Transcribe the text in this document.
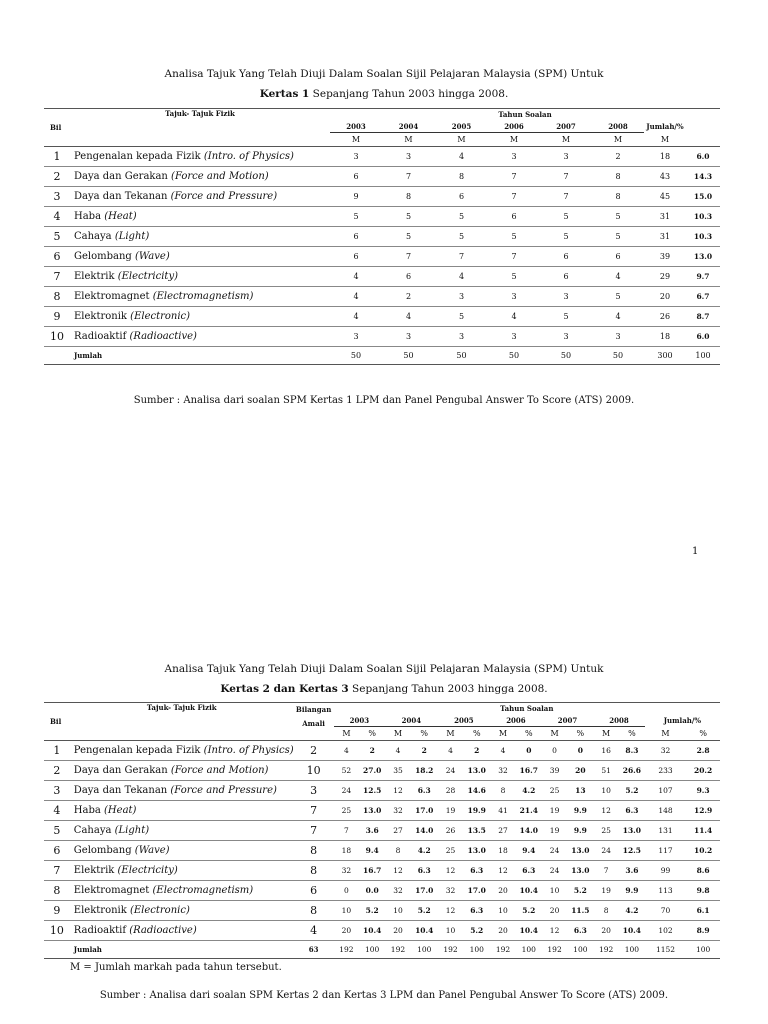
Analisa Tajuk Yang Telah Diuji Dalam Soalan Sijil Pelajaran Malaysia (SPM) Untuk
Kertas 1 Sepanjang Tahun 2003 hingga 2008.
Bil	Tajuk- Tajuk Fizik	Tahun Soalan							
		2003	2004	2005	2006	2007	2008	Jumlah/%	
		M	M	M	M	M	M	M	
1	Pengenalan kepada Fizik (Intro. of Physics)	3	3	4	3	3	2	18	6.0
2	Daya dan Gerakan (Force and Motion)	6	7	8	7	7	8	43	14.3
3	Daya dan Tekanan (Force and Pressure)	9	8	6	7	7	8	45	15.0
4	Haba (Heat)	5	5	5	6	5	5	31	10.3
5	Cahaya (Light)	6	5	5	5	5	5	31	10.3
6	Gelombang (Wave)	6	7	7	7	6	6	39	13.0
7	Elektrik (Electricity)	4	6	4	5	6	4	29	9.7
8	Elektromagnet (Electromagnetism)	4	2	3	3	3	5	20	6.7
9	Elektronik (Electronic)	4	4	5	4	5	4	26	8.7
10	Radioaktif (Radioactive)	3	3	3	3	3	3	18	6.0
	Jumlah	50	50	50	50	50	50	300	100
Sumber : Analisa dari soalan SPM Kertas 1 LPM dan Panel Pengubal Answer To Score (ATS) 2009.
1
Analisa Tajuk Yang Telah Diuji Dalam Soalan Sijil Pelajaran Malaysia (SPM) Untuk
Kertas 2 dan Kertas 3 Sepanjang Tahun 2003 hingga 2008.
Bil	Tajuk- Tajuk Fizik	Bilangan
Amali	Tahun Soalan													
			2003		2004		2005		2006		2007		2008		Jumlah/%	
			M	%	M	%	M	%	M	%	M	%	M	%	M	%
1	Pengenalan kepada Fizik (Intro. of Physics)	2	4	2	4	2	4	2	4	0	0	0	16	8.3	32	2.8
2	Daya dan Gerakan (Force and Motion)	10	52	27.0	35	18.2	24	13.0	32	16.7	39	20	51	26.6	233	20.2
3	Daya dan Tekanan (Force and Pressure)	3	24	12.5	12	6.3	28	14.6	8	4.2	25	13	10	5.2	107	9.3
4	Haba (Heat)	7	25	13.0	32	17.0	19	19.9	41	21.4	19	9.9	12	6.3	148	12.9
5	Cahaya (Light)	7	7	3.6	27	14.0	26	13.5	27	14.0	19	9.9	25	13.0	131	11.4
6	Gelombang (Wave)	8	18	9.4	8	4.2	25	13.0	18	9.4	24	13.0	24	12.5	117	10.2
7	Elektrik (Electricity)	8	32	16.7	12	6.3	12	6.3	12	6.3	24	13.0	7	3.6	99	8.6
8	Elektromagnet (Electromagnetism)	6	0	0.0	32	17.0	32	17.0	20	10.4	10	5.2	19	9.9	113	9.8
9	Elektronik (Electronic)	8	10	5.2	10	5.2	12	6.3	10	5.2	20	11.5	8	4.2	70	6.1
10	Radioaktif (Radioactive)	4	20	10.4	20	10.4	10	5.2	20	10.4	12	6.3	20	10.4	102	8.9
	Jumlah	63	192	100	192	100	192	100	192	100	192	100	192	100	1152	100
M = Jumlah markah pada tahun tersebut.
Sumber : Analisa dari soalan SPM Kertas 2 dan Kertas 3 LPM dan Panel Pengubal Answer To Score (ATS) 2009.
